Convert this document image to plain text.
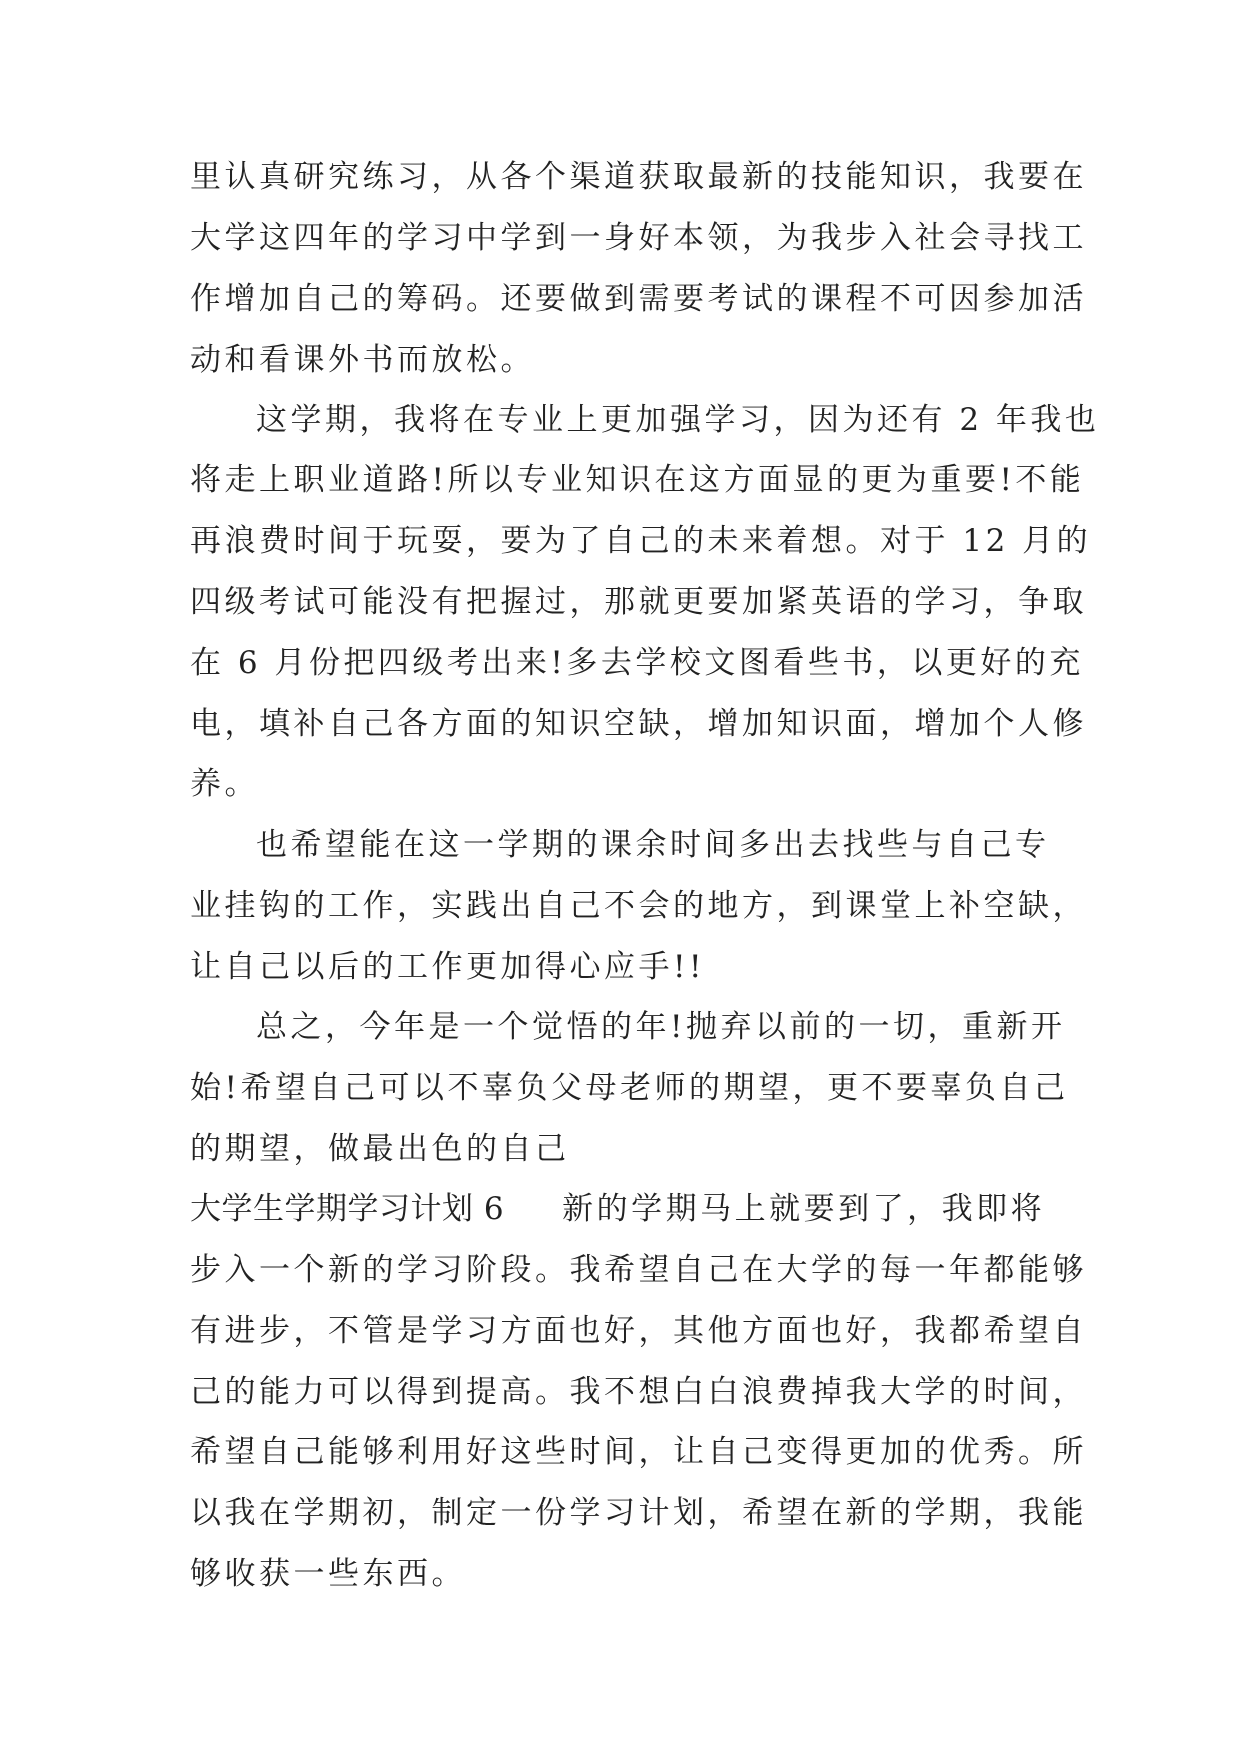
里认真研究练习，从各个渠道获取最新的技能知识，我要在
大学这四年的学习中学到一身好本领，为我步入社会寻找工
作增加自己的筹码。还要做到需要考试的课程不可因参加活
动和看课外书而放松。
这学期，我将在专业上更加强学习，因为还有 2 年我也
将走上职业道路!所以专业知识在这方面显的更为重要!不能
再浪费时间于玩耍，要为了自己的未来着想。对于 12 月的
四级考试可能没有把握过，那就更要加紧英语的学习，争取
在 6 月份把四级考出来!多去学校文图看些书，以更好的充
电，填补自己各方面的知识空缺，增加知识面，增加个人修
养。
也希望能在这一学期的课余时间多出去找些与自己专
业挂钩的工作，实践出自己不会的地方，到课堂上补空缺，
让自己以后的工作更加得心应手!!
总之，今年是一个觉悟的年!抛弃以前的一切，重新开
始!希望自己可以不辜负父母老师的期望，更不要辜负自己
的期望，做最出色的自己
大学生学期学习计划 6 新的学期马上就要到了，我即将
步入一个新的学习阶段。我希望自己在大学的每一年都能够
有进步，不管是学习方面也好，其他方面也好，我都希望自
己的能力可以得到提高。我不想白白浪费掉我大学的时间，
希望自己能够利用好这些时间，让自己变得更加的优秀。所
以我在学期初，制定一份学习计划，希望在新的学期，我能
够收获一些东西。
